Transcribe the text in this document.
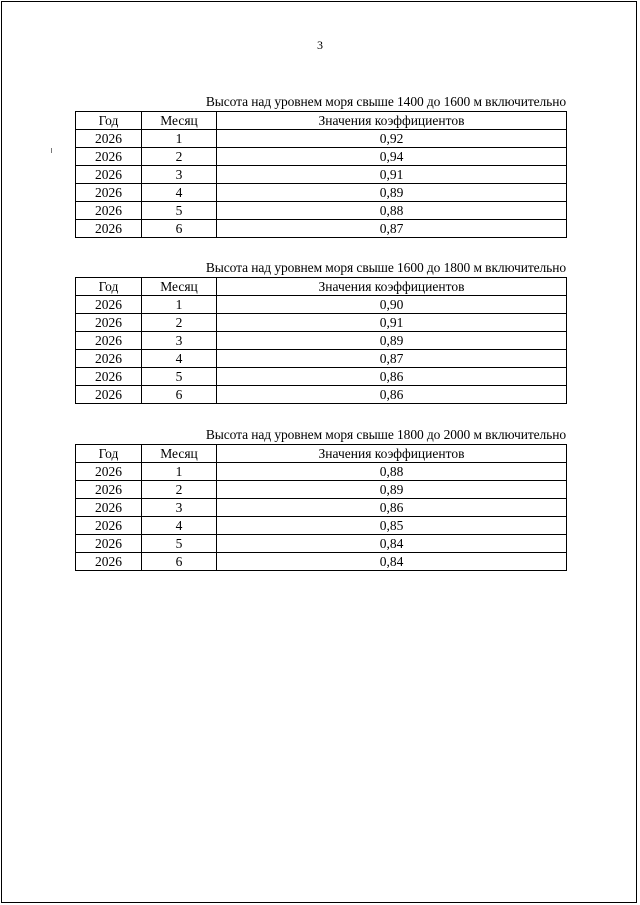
3
Высота над уровнем моря свыше 1400 до 1600 м включительно
Год	Месяц	Значения коэффициентов
2026	1	0,92
2026	2	0,94
2026	3	0,91
2026	4	0,89
2026	5	0,88
2026	6	0,87
Высота над уровнем моря свыше 1600 до 1800 м включительно
Год	Месяц	Значения коэффициентов
2026	1	0,90
2026	2	0,91
2026	3	0,89
2026	4	0,87
2026	5	0,86
2026	6	0,86
Высота над уровнем моря свыше 1800 до 2000 м включительно
Год	Месяц	Значения коэффициентов
2026	1	0,88
2026	2	0,89
2026	3	0,86
2026	4	0,85
2026	5	0,84
2026	6	0,84
